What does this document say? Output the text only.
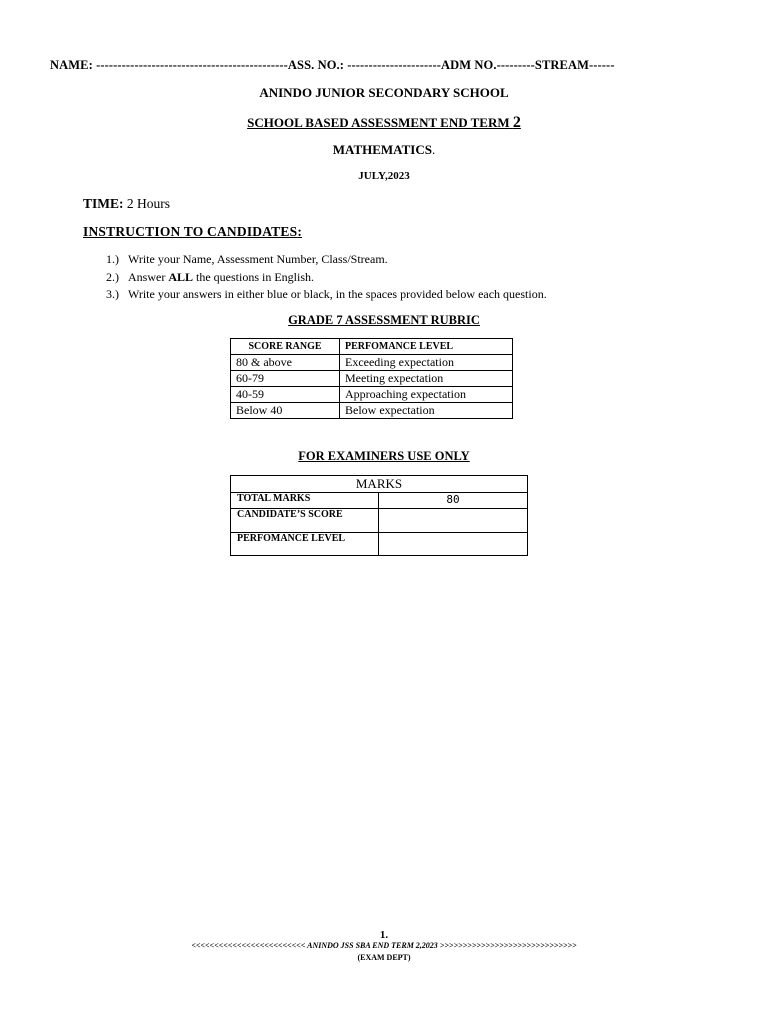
NAME: ---------------------------------------------ASS. NO.: ----------------------ADM NO.---------STREAM------
ANINDO JUNIOR SECONDARY SCHOOL
SCHOOL BASED ASSESSMENT END TERM 2
MATHEMATICS.
JULY,2023
TIME: 2 Hours
INSTRUCTION TO CANDIDATES:
1.) Write your Name, Assessment Number, Class/Stream.
2.) Answer ALL the questions in English.
3.) Write your answers in either blue or black, in the spaces provided below each question.
GRADE 7 ASSESSMENT RUBRIC
SCORE RANGE	PERFOMANCE LEVEL
80 & above	Exceeding expectation
60-79	Meeting expectation
40-59	Approaching expectation
Below 40	Below expectation
FOR EXAMINERS USE ONLY
MARKS	
TOTAL MARKS	80
CANDIDATE’S SCORE	
PERFOMANCE LEVEL	
1.
<<<<<<<<<<<<<<<<<<<<<<<<< ANINDO JSS SBA END TERM 2,2023 >>>>>>>>>>>>>>>>>>>>>>>>>>>>>>
(EXAM DEPT)
